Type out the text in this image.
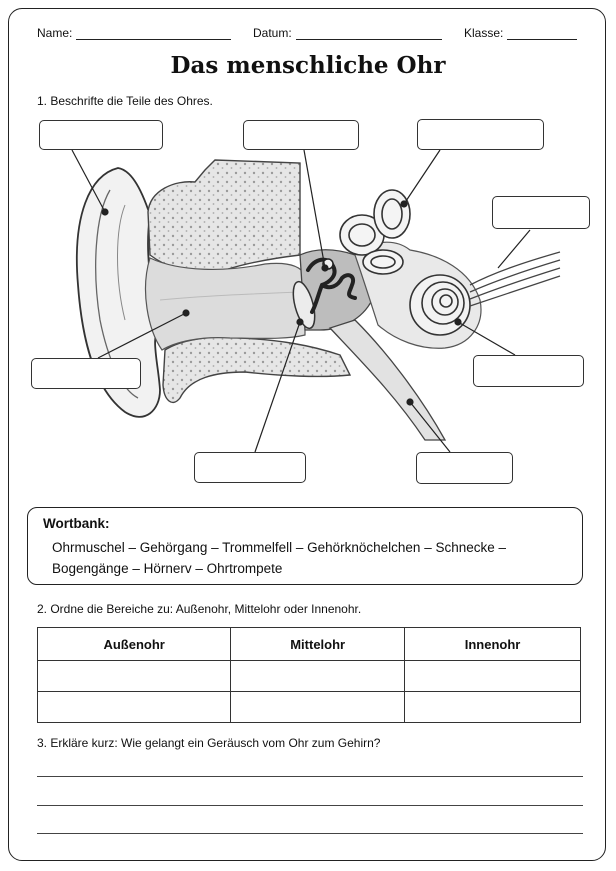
Name:	Datum:	Klasse:
Das menschliche Ohr
1. Beschrifte die Teile des Ohres.
Wortbank:
Ohrmuschel – Gehörgang – Trommelfell – Gehörknöchelchen – Schnecke –
Bogengänge – Hörnerv – Ohrtrompete
2. Ordne die Bereiche zu: Außenohr, Mittelohr oder Innenohr.
Außenohr	Mittelohr	Innenohr

3. Erkläre kurz: Wie gelangt ein Geräusch vom Ohr zum Gehirn?
